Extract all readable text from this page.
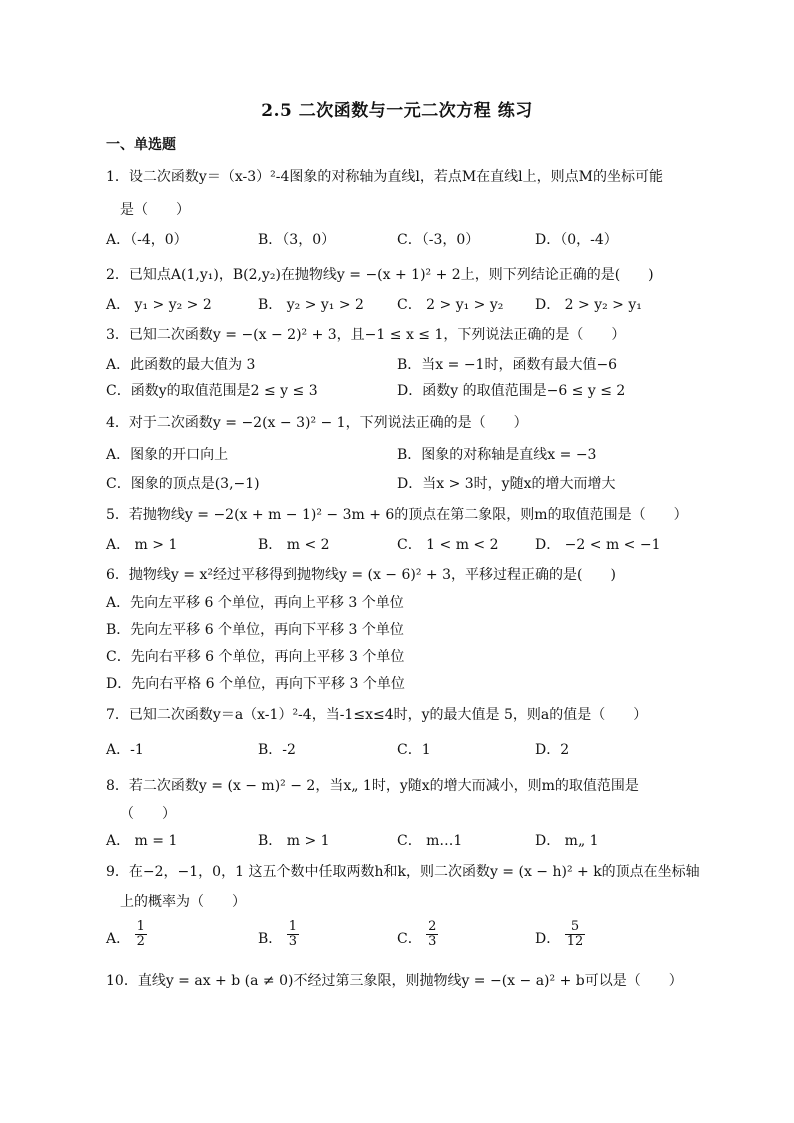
2.5 二次函数与一元二次方程 练习
一、单选题
1．设二次函数y＝（x-3）²-4图象的对称轴为直线l，若点M在直线l上，则点M的坐标可能
是（　　）
A．（-4，0）	B．（3，0）	C．（-3，0）	D．（0，-4）
2．已知点A(1,y₁)，B(2,y₂)在抛物线y = −(x + 1)² + 2上，则下列结论正确的是(　　)
A． y₁ > y₂ > 2	B． y₂ > y₁ > 2 C． 2 > y₁ > y₂ D． 2 > y₂ > y₁
3．已知二次函数y = −(x − 2)² + 3，且−1 ≤ x ≤ 1，下列说法正确的是（　　）
A．此函数的最大值为 3	B．当x = −1时，函数有最大值−6
C．函数y的取值范围是2 ≤ y ≤ 3	D．函数y 的取值范围是−6 ≤ y ≤ 2
4．对于二次函数y = −2(x − 3)² − 1，下列说法正确的是（　　）
A．图象的开口向上	B．图象的对称轴是直线x = −3
C．图象的顶点是(3,−1)	D．当x > 3时，y随x的增大而增大
5．若抛物线y = −2(x + m − 1)² − 3m + 6的顶点在第二象限，则m的取值范围是（　　）
A． m > 1	B． m < 2	C． 1 < m < 2	D． −2 < m < −1
6．抛物线y = x²经过平移得到抛物线y = (x − 6)² + 3，平移过程正确的是(　　)
A．先向左平移 6 个单位，再向上平移 3 个单位
B．先向左平移 6 个单位，再向下平移 3 个单位
C．先向右平移 6 个单位，再向上平移 3 个单位
D．先向右平格 6 个单位，再向下平移 3 个单位
7．已知二次函数y＝a（x-1）²-4，当-1≤x≤4时，y的最大值是 5，则a的值是（　　）
A．-1	B．-2	C．1	D．2
8．若二次函数y = (x − m)² − 2，当x„ 1时，y随x的增大而减小，则m的取值范围是
（　　）
A． m = 1	B． m > 1	C． m…1	D． m„ 1
9．在−2，−1，0，1 这五个数中任取两数h和k，则二次函数y = (x − h)² + k的顶点在坐标轴
上的概率为（　　）
A． $\frac{1}{2}$	B． $\frac{1}{3}$	C． $\frac{2}{3}$	D． $\frac{5}{12}$
10．直线y = ax + b (a ≠ 0)不经过第三象限，则抛物线y = −(x − a)² + b可以是（　　）
